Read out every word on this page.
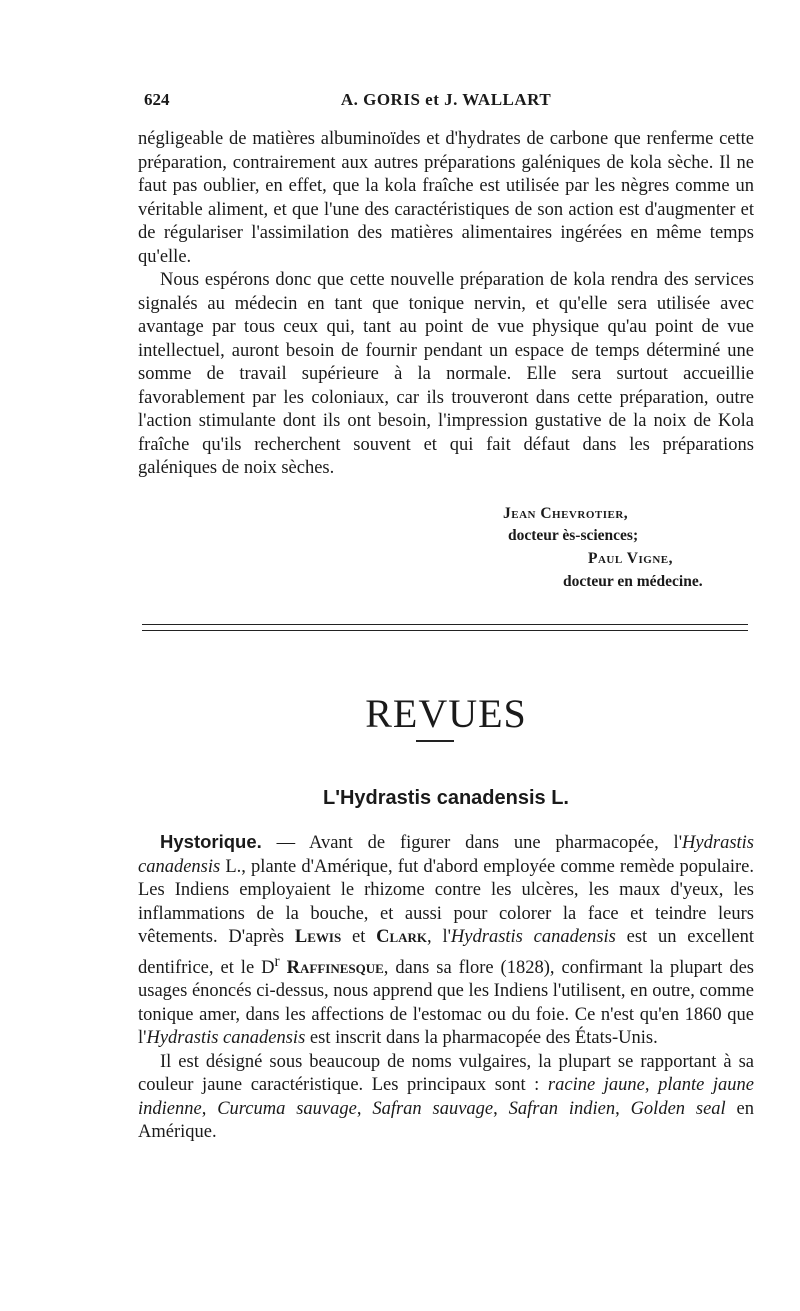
624	A. GORIS et J. WALLART

négligeable de matières albuminoïdes et d'hydrates de carbone que renferme cette préparation, contrairement aux autres préparations galéniques de kola sèche. Il ne faut pas oublier, en effet, que la kola fraîche est utilisée par les nègres comme un véritable aliment, et que l'une des caractéristiques de son action est d'augmenter et de régulariser l'assimilation des matières alimentaires ingérées en même temps qu'elle.

Nous espérons donc que cette nouvelle préparation de kola rendra des services signalés au médecin en tant que tonique nervin, et qu'elle sera utilisée avec avantage par tous ceux qui, tant au point de vue physique qu'au point de vue intellectuel, auront besoin de fournir pendant un espace de temps déterminé une somme de travail supérieure à la normale. Elle sera surtout accueillie favorablement par les coloniaux, car ils trouveront dans cette préparation, outre l'action stimulante dont ils ont besoin, l'impression gustative de la noix de Kola fraîche qu'ils recherchent souvent et qui fait défaut dans les préparations galéniques de noix sèches.

Jean Chevrotier,
docteur ès-sciences;
Paul Vigne,
docteur en médecine.
REVUES
L'Hydrastis canadensis L.

Hystorique. — Avant de figurer dans une pharmacopée, l'Hydrastis canadensis L., plante d'Amérique, fut d'abord employée comme remède populaire. Les Indiens employaient le rhizome contre les ulcères, les maux d'yeux, les inflammations de la bouche, et aussi pour colorer la face et teindre leurs vêtements. D'après Lewis et Clark, l'Hydrastis canadensis est un excellent dentifrice, et le $D^r$ Raffinesque, dans sa flore (1828), confirmant la plupart des usages énoncés ci-dessus, nous apprend que les Indiens l'utilisent, en outre, comme tonique amer, dans les affections de l'estomac ou du foie. Ce n'est qu'en 1860 que l'Hydrastis canadensis est inscrit dans la pharmacopée des États-Unis.

Il est désigné sous beaucoup de noms vulgaires, la plupart se rapportant à sa couleur jaune caractéristique. Les principaux sont : racine jaune, plante jaune indienne, Curcuma sauvage, Safran sauvage, Safran indien, Golden seal en Amérique.
